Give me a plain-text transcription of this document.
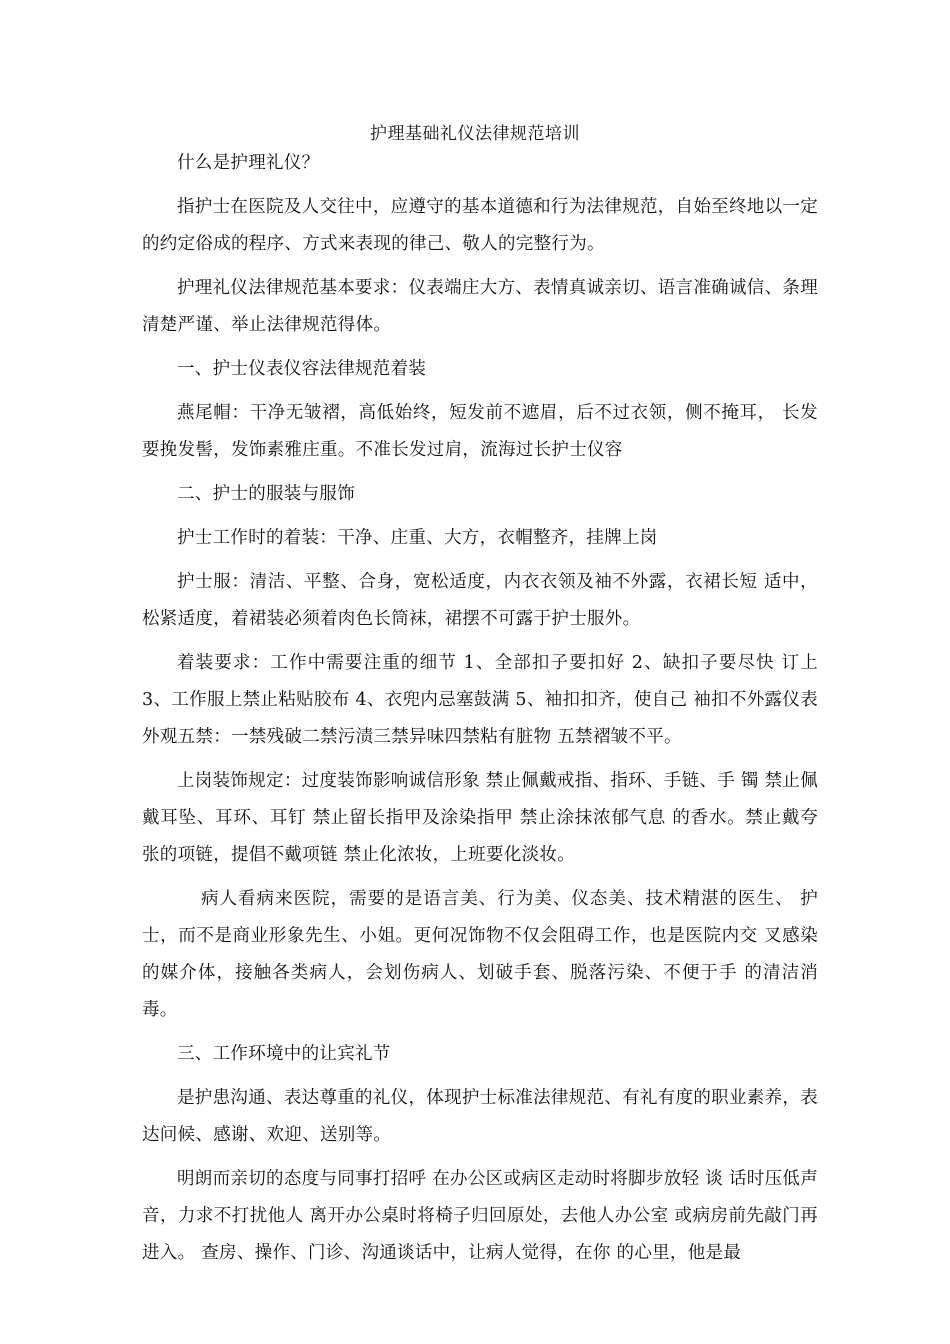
护理基础礼仪法律规范培训

什么是护理礼仪？

指护士在医院及人交往中，应遵守的基本道德和行为法律规范，自始至终地以一定的约定俗成的程序、方式来表现的律己、敬人的完整行为。

护理礼仪法律规范基本要求：仪表端庄大方、表情真诚亲切、语言准确诚信、条理清楚严谨、举止法律规范得体。

一、护士仪表仪容法律规范着装

燕尾帽：干净无皱褶，高低始终，短发前不遮眉，后不过衣领，侧不掩耳， 长发要挽发髻，发饰素雅庄重。不准长发过肩，流海过长护士仪容

二、护士的服装与服饰

护士工作时的着装：干净、庄重、大方，衣帽整齐，挂牌上岗

护士服：清洁、平整、合身，宽松适度，内衣衣领及袖不外露，衣裙长短 适中，松紧适度，着裙装必须着肉色长筒袜，裙摆不可露于护士服外。

着装要求：工作中需要注重的细节 1、全部扣子要扣好 2、缺扣子要尽快 订上 3、工作服上禁止粘贴胶布 4、衣兜内忌塞鼓满 5、袖扣扣齐，使自己 袖扣不外露仪表外观五禁：一禁残破二禁污渍三禁异味四禁粘有脏物 五禁褶皱不平。

上岗装饰规定：过度装饰影响诚信形象 禁止佩戴戒指、指环、手链、手 镯 禁止佩戴耳坠、耳环、耳钉 禁止留长指甲及涂染指甲 禁止涂抹浓郁气息 的香水。禁止戴夸张的项链，提倡不戴项链 禁止化浓妆，上班要化淡妆。

病人看病来医院，需要的是语言美、行为美、仪态美、技术精湛的医生、 护士，而不是商业形象先生、小姐。更何况饰物不仅会阻碍工作，也是医院内交 叉感染的媒介体，接触各类病人，会划伤病人、划破手套、脱落污染、不便于手 的清洁消毒。

三、工作环境中的让宾礼节

是护患沟通、表达尊重的礼仪，体现护士标准法律规范、有礼有度的职业素养，表达问候、感谢、欢迎、送别等。

明朗而亲切的态度与同事打招呼 在办公区或病区走动时将脚步放轻 谈 话时压低声音，力求不打扰他人 离开办公桌时将椅子归回原处，去他人办公室 或病房前先敲门再进入。 查房、操作、门诊、沟通谈话中，让病人觉得，在你 的心里，他是最
